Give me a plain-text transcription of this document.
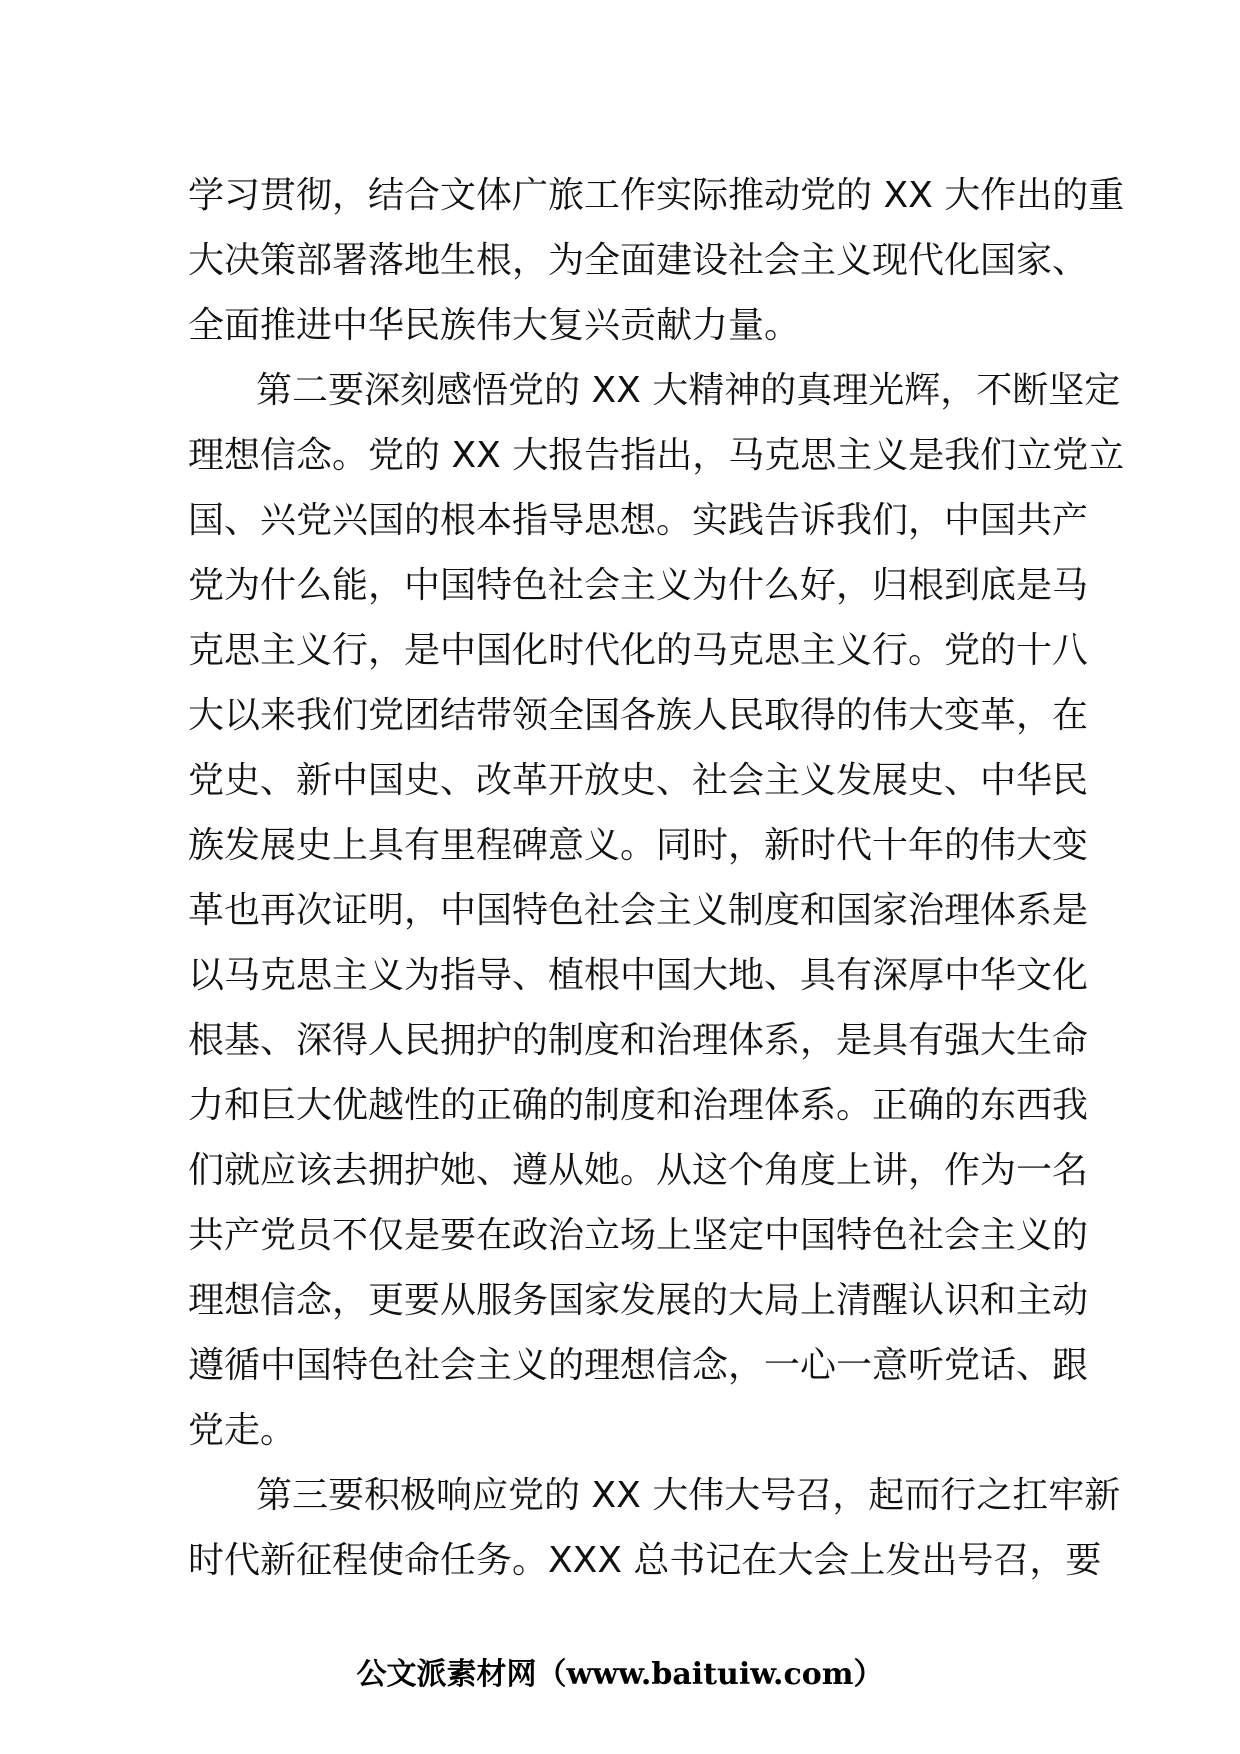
学习贯彻，结合文体广旅工作实际推动党的 XX 大作出的重
大决策部署落地生根，为全面建设社会主义现代化国家、
全面推进中华民族伟大复兴贡献力量。
第二要深刻感悟党的 XX 大精神的真理光辉，不断坚定
理想信念。党的 XX 大报告指出，马克思主义是我们立党立
国、兴党兴国的根本指导思想。实践告诉我们，中国共产
党为什么能，中国特色社会主义为什么好，归根到底是马
克思主义行，是中国化时代化的马克思主义行。党的十八
大以来我们党团结带领全国各族人民取得的伟大变革，在
党史、新中国史、改革开放史、社会主义发展史、中华民
族发展史上具有里程碑意义。同时，新时代十年的伟大变
革也再次证明，中国特色社会主义制度和国家治理体系是
以马克思主义为指导、植根中国大地、具有深厚中华文化
根基、深得人民拥护的制度和治理体系，是具有强大生命
力和巨大优越性的正确的制度和治理体系。正确的东西我
们就应该去拥护她、遵从她。从这个角度上讲，作为一名
共产党员不仅是要在政治立场上坚定中国特色社会主义的
理想信念，更要从服务国家发展的大局上清醒认识和主动
遵循中国特色社会主义的理想信念，一心一意听党话、跟
党走。
第三要积极响应党的 XX 大伟大号召，起而行之扛牢新
时代新征程使命任务。XXX 总书记在大会上发出号召，要
公文派素材网（www.baituiw.com）
